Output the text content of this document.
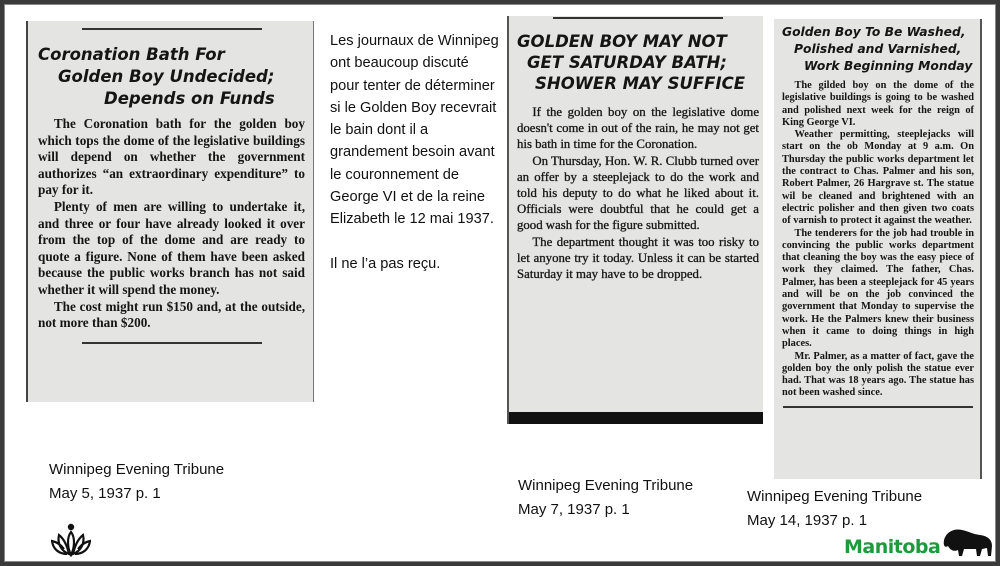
Coronation Bath For
Golden Boy Undecided;
Depends on Funds

The Coronation bath for the golden boy which tops the dome of the legislative buildings will depend on whether the government authorizes “an extraordinary expenditure” to pay for it.

Plenty of men are willing to undertake it, and three or four have already looked it over from the top of the dome and are ready to quote a figure. None of them have been asked because the public works branch has not said whether it will spend the money.

The cost might run $150 and, at the outside, not more than $200.

Les journaux de Winnipeg ont beaucoup discuté pour tenter de déterminer si le Golden Boy recevrait le bain dont il a grandement besoin avant le couronnement de George VI et de la reine Elizabeth le 12 mai 1937.
Il ne l’a pas reçu.
GOLDEN BOY MAY NOT
GET SATURDAY BATH;
SHOWER MAY SUFFICE

If the golden boy on the legislative dome doesn't come in out of the rain, he may not get his bath in time for the Coronation.

On Thursday, Hon. W. R. Clubb turned over an offer by a steeplejack to do the work and told his deputy to do what he liked about it. Officials were doubtful that he could get a good wash for the figure submitted.

The department thought it was too risky to let anyone try it today. Unless it can be started Saturday it may have to be dropped.

Golden Boy To Be Washed,
Polished and Varnished,
Work Beginning Monday

The gilded boy on the dome of the legislative buildings is going to be washed and polished next week for the reign of King George VI.

Weather permitting, steeplejacks will start on the ob Monday at 9 a.m. On Thursday the public works department let the contract to Chas. Palmer and his son, Robert Palmer, 26 Hargrave st. The statue wil be cleaned and brightened with an electric polisher and then given two coats of varnish to protect it against the weather.

The tenderers for the job had trouble in convincing the public works department that cleaning the boy was the easy piece of work they claimed. The father, Chas. Palmer, has been a steeplejack for 45 years and will be on the job convinced the government that Monday to supervise the work. He the Palmers knew their business when it came to doing things in high places.

Mr. Palmer, as a matter of fact, gave the golden boy the only polish the statue ever had. That was 18 years ago. The statue has not been washed since.

Winnipeg Evening Tribune
May 5, 1937 p. 1	Winnipeg Evening Tribune
May 7, 1937 p. 1
Winnipeg Evening Tribune
May 14, 1937 p. 1
Manitoba
